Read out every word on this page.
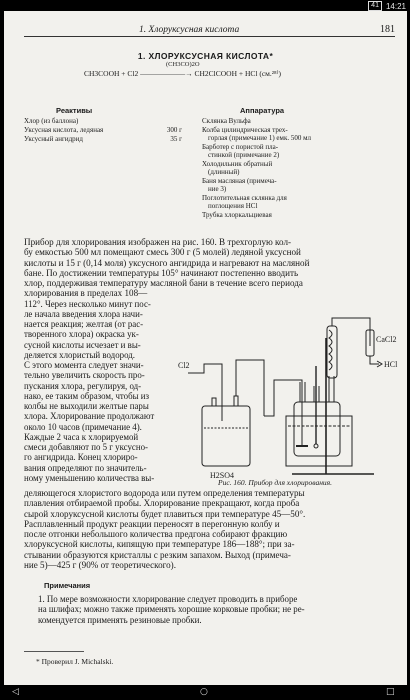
41 14:21
1. Хлоруксусная кислота	181
1. ХЛОРУКСУСНАЯ КИСЛОТА*
(CH3CO)2O
CH3COOH + Cl2 ——————→ CH2ClCOOH + HCl (см.²⁸⁾)
Реактивы
Хлор (из баллона)
Уксусная кислота, ледяная	300 г
Уксусный ангидрид	35 г
Аппаратура
Склянка Вульфа
Колба цилиндрическая трех-
горлая (примечание 1) емк. 500 мл
Барботер с пористой пла-
стинкой (примечание 2)
Холодильник обратный
(длинный)
Баня масляная (примеча-
ние 3)
Поглотительная склянка для
поглощения HCl
Трубка хлоркальциевая
Прибор для хлорирования изображен на рис. 160. В трехгорлую кол-
бу емкостью 500 мл помещают смесь 300 г (5 молей) ледяной уксусной
кислоты и 15 г (0,14 моля) уксусного ангидрида и нагревают на масляной
бане. По достижении температуры 105° начинают постепенно вводить
хлор, поддерживая температуру масляной бани в течение всего периода
хлорирования в пределах 108—
112°. Через несколько минут пос-
ле начала введения хлора начи-
нается реакция; желтая (от рас-
творенного хлора) окраска ук-
сусной кислоты исчезает и вы-
деляется хлористый водород.
С этого момента следует значи-
тельно увеличить скорость про-
пускания хлора, регулируя, од-
нако, ее таким образом, чтобы из
колбы не выходили желтые пары
хлора. Хлорирование продолжают
около 10 часов (примечание 4).
Каждые 2 часа к хлорируемой
смеси добавляют по 5 г уксусно-
го ангидрида. Конец хлориро-
вания определяют по значитель-
ному уменьшению количества вы-
Cl2
H2SO4
CaCl2
HCl
Рис. 160. Прибор для хлорирования.
деляющегося хлористого водорода или путем определения температуры
плавления отбираемой пробы. Хлорирование прекращают, когда проба
сырой хлоруксусной кислоты будет плавиться при температуре 45—50°.
Расплавленный продукт реакции переносят в перегонную колбу и
после отгонки небольшого количества предгона собирают фракцию
хлоруксусной кислоты, кипящую при температуре 186—188°; при за-
стывании образуются кристаллы с резким запахом. Выход (примеча-
ние 5)—425 г (90% от теоретического).
Примечания
1. По мере возможности хлорирование следует проводить в приборе
на шлифах; можно также применять хорошие корковые пробки; не ре-
комендуется применять резиновые пробки.
* Проверил J. Michalski.
◁	○	□
